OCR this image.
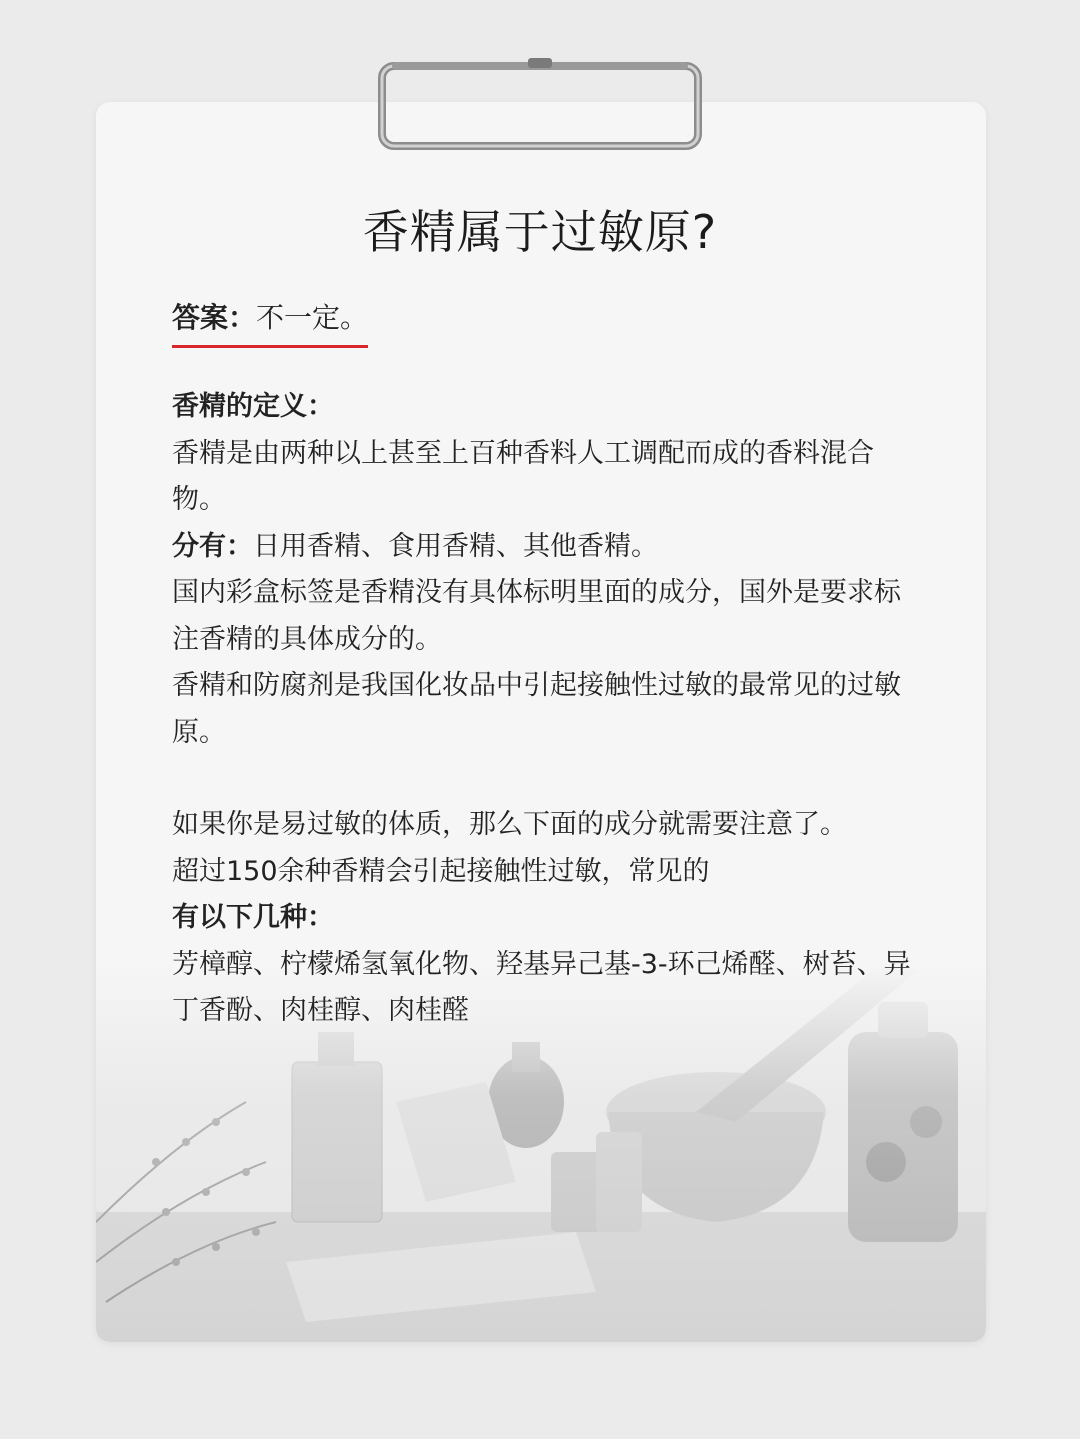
香精属于过敏原?
答案：不一定。

香精的定义：

香精是由两种以上甚至上百种香料人工调配而成的香料混合物。

分有：日用香精、食用香精、其他香精。

国内彩盒标签是香精没有具体标明里面的成分，国外是要求标注香精的具体成分的。

香精和防腐剂是我国化妆品中引起接触性过敏的最常见的过敏原。

如果你是易过敏的体质，那么下面的成分就需要注意了。

超过150余种香精会引起接触性过敏，常见的

有以下几种：

芳樟醇、柠檬烯氢氧化物、羟基异己基-3-环己烯醛、树苔、异丁香酚、肉桂醇、肉桂醛
